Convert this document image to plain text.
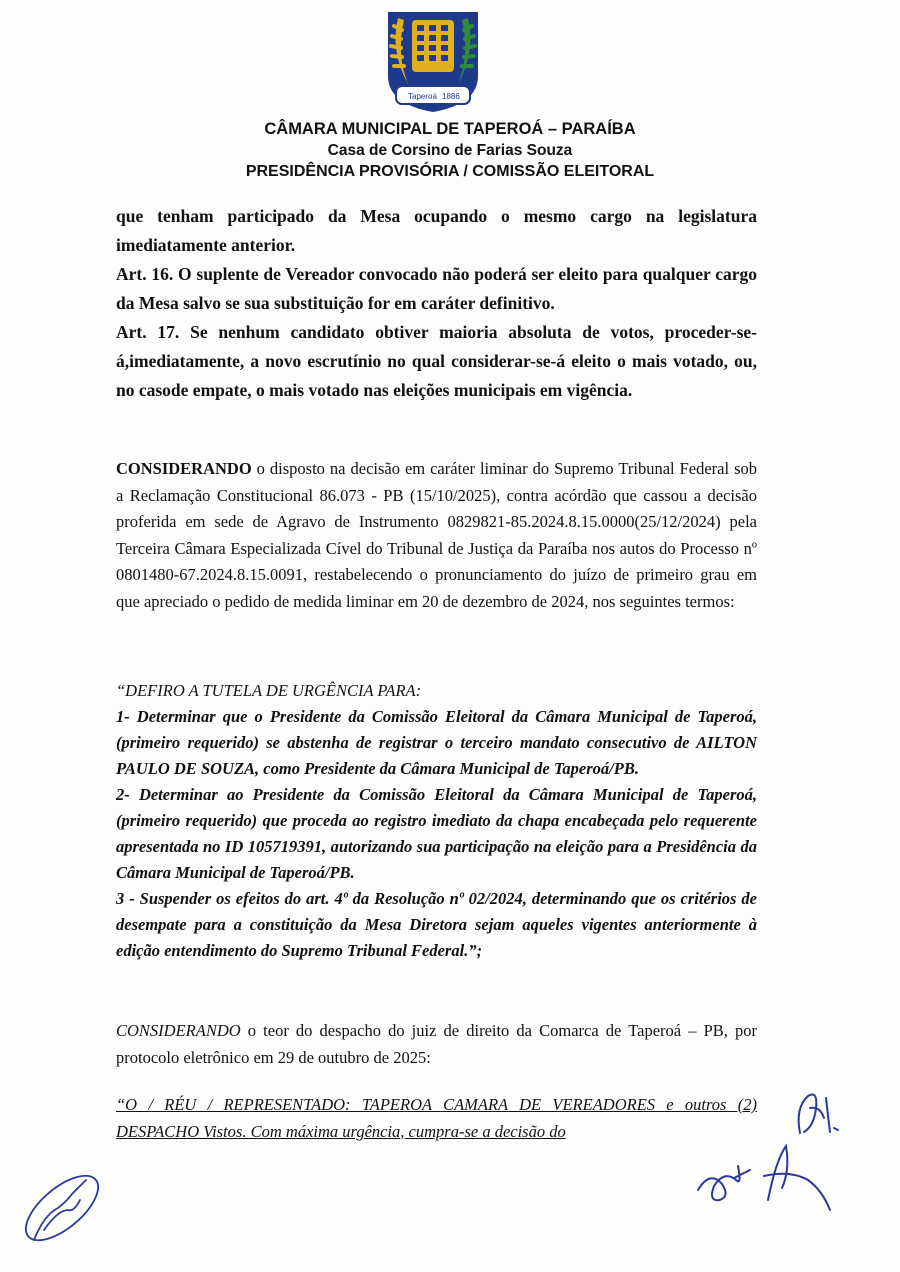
Taperoá 1886
CÂMARA MUNICIPAL DE TAPEROÁ – PARAÍBA
Casa de Corsino de Farias Souza
PRESIDÊNCIA PROVISÓRIA / COMISSÃO ELEITORAL

que tenham participado da Mesa ocupando o mesmo cargo na legislatura imediatamente anterior.

Art. 16. O suplente de Vereador convocado não poderá ser eleito para qualquer cargo da Mesa salvo se sua substituição for em caráter definitivo.

Art. 17. Se nenhum candidato obtiver maioria absoluta de votos, proceder-se-á,imediatamente, a novo escrutínio no qual considerar-se-á eleito o mais votado, ou, no casode empate, o mais votado nas eleições municipais em vigência.

CONSIDERANDO o disposto na decisão em caráter liminar do Supremo Tribunal Federal sob a Reclamação Constitucional 86.073 - PB (15/10/2025), contra acórdão que cassou a decisão proferida em sede de Agravo de Instrumento 0829821-85.2024.8.15.0000(25/12/2024) pela Terceira Câmara Especializada Cível do Tribunal de Justiça da Paraíba nos autos do Processo nº 0801480-67.2024.8.15.0091, restabelecendo o pronunciamento do juízo de primeiro grau em que apreciado o pedido de medida liminar em 20 de dezembro de 2024, nos seguintes termos:

“DEFIRO A TUTELA DE URGÊNCIA PARA:

1- Determinar que o Presidente da Comissão Eleitoral da Câmara Municipal de Taperoá, (primeiro requerido) se abstenha de registrar o terceiro mandato consecutivo de AILTON PAULO DE SOUZA, como Presidente da Câmara Municipal de Taperoá/PB.

2- Determinar ao Presidente da Comissão Eleitoral da Câmara Municipal de Taperoá, (primeiro requerido) que proceda ao registro imediato da chapa encabeçada pelo requerente apresentada no ID 105719391, autorizando sua participação na eleição para a Presidência da Câmara Municipal de Taperoá/PB.

3 - Suspender os efeitos do art. 4º da Resolução nº 02/2024, determinando que os critérios de desempate para a constituição da Mesa Diretora sejam aqueles vigentes anteriormente à edição entendimento do Supremo Tribunal Federal.”;

CONSIDERANDO o teor do despacho do juiz de direito da Comarca de Taperoá – PB, por protocolo eletrônico em 29 de outubro de 2025:
“O / RÉU / REPRESENTADO: TAPEROA CAMARA DE VEREADORES e outros (2) DESPACHO Vistos. Com máxima urgência, cumpra-se a decisão do
